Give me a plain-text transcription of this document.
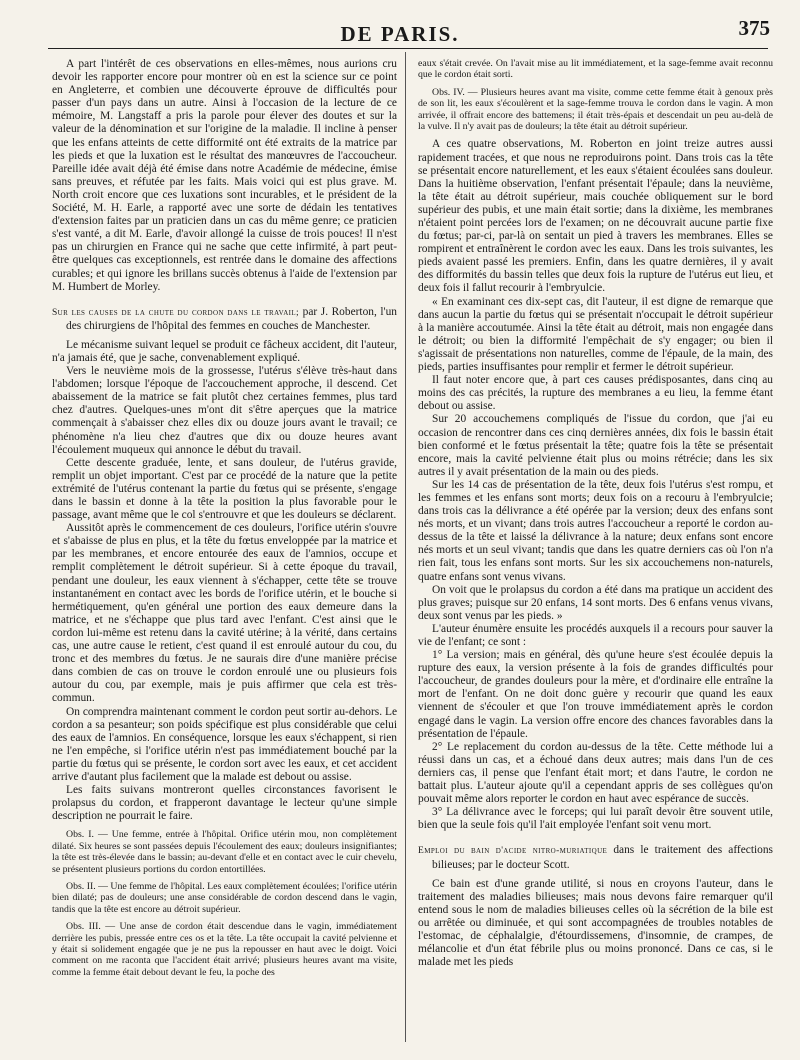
DE PARIS.	375

A part l'intérêt de ces observations en elles-mêmes, nous aurions cru devoir les rapporter encore pour montrer où en est la science sur ce point en Angleterre, et combien une découverte éprouve de difficultés pour passer d'un pays dans un autre. Ainsi à l'occasion de la lecture de ce mémoire, M. Langstaff a pris la parole pour élever des doutes et sur la valeur de la dénomination et sur l'origine de la maladie. Il incline à penser que les enfans atteints de cette difformité ont été extraits de la matrice par les pieds et que la luxation est le résultat des manœuvres de l'accoucheur. Pareille idée avait déjà été émise dans notre Académie de médecine, émise sans preuves, et réfutée par les faits. Mais voici qui est plus grave. M. North croit encore que ces luxations sont incurables, et le président de la Société, M. H. Earle, a rapporté avec une sorte de dédain les tentatives d'extension faites par un praticien dans un cas du même genre; ce praticien s'est vanté, a dit M. Earle, d'avoir allongé la cuisse de trois pouces! Il n'est pas un chirurgien en France qui ne sache que cette infirmité, à part peut-être quelques cas exceptionnels, est rentrée dans le domaine des affections curables; et qui ignore les brillans succès obtenus à l'aide de l'extension par M. Humbert de Morley.

Sur les causes de la chute du cordon dans le travail; par J. Roberton, l'un des chirurgiens de l'hôpital des femmes en couches de Manchester.

Le mécanisme suivant lequel se produit ce fâcheux accident, dit l'auteur, n'a jamais été, que je sache, convenablement expliqué.

Vers le neuvième mois de la grossesse, l'utérus s'élève très-haut dans l'abdomen; lorsque l'époque de l'accouchement approche, il descend. Cet abaissement de la matrice se fait plutôt chez certaines femmes, plus tard chez d'autres. Quelques-unes m'ont dit s'être aperçues que la matrice commençait à s'abaisser chez elles dix ou douze jours avant le travail; ce phénomène n'a lieu chez d'autres que dix ou douze heures avant l'écoulement muqueux qui annonce le début du travail.

Cette descente graduée, lente, et sans douleur, de l'utérus gravide, remplit un objet important. C'est par ce procédé de la nature que la petite extrémité de l'utérus contenant la partie du fœtus qui se présente, s'engage dans le bassin et donne à la tête la position la plus favorable pour le passage, avant même que le col s'entrouvre et que les douleurs se déclarent.

Aussitôt après le commencement de ces douleurs, l'orifice utérin s'ouvre et s'abaisse de plus en plus, et la tête du fœtus enveloppée par la matrice et par les membranes, et encore entourée des eaux de l'amnios, occupe et remplit complètement le détroit supérieur. Si à cette époque du travail, pendant une douleur, les eaux viennent à s'échapper, cette tête se trouve instantanément en contact avec les bords de l'orifice utérin, et le bouche si hermétiquement, qu'en général une portion des eaux demeure dans la matrice, et ne s'échappe que plus tard avec l'enfant. C'est ainsi que le cordon lui-même est retenu dans la cavité utérine; à la vérité, dans certains cas, une autre cause le retient, c'est quand il est enroulé autour du cou, du tronc et des membres du fœtus. Je ne saurais dire d'une manière précise dans combien de cas on trouve le cordon enroulé une ou plusieurs fois autour du cou, par exemple, mais je puis affirmer que cela est très-commun.

On comprendra maintenant comment le cordon peut sortir au-dehors. Le cordon a sa pesanteur; son poids spécifique est plus considérable que celui des eaux de l'amnios. En conséquence, lorsque les eaux s'échappent, si rien ne l'en empêche, si l'orifice utérin n'est pas immédiatement bouché par la partie du fœtus qui se présente, le cordon sort avec les eaux, et cet accident arrive d'autant plus facilement que la malade est debout ou assise.

Les faits suivans montreront quelles circonstances favorisent le prolapsus du cordon, et frapperont davantage le lecteur qu'une simple description ne pourrait le faire.

Obs. I. — Une femme, entrée à l'hôpital. Orifice utérin mou, non complètement dilaté. Six heures se sont passées depuis l'écoulement des eaux; douleurs insignifiantes; la tête est très-élevée dans le bassin; au-devant d'elle et en contact avec le cuir chevelu, se présentent plusieurs portions du cordon entortillées.

Obs. II. — Une femme de l'hôpital. Les eaux complètement écoulées; l'orifice utérin bien dilaté; pas de douleurs; une anse considérable de cordon descend dans le vagin, tandis que la tête est encore au détroit supérieur.

Obs. III. — Une anse de cordon était descendue dans le vagin, immédiatement derrière les pubis, pressée entre ces os et la tête. La tête occupait la cavité pelvienne et y était si solidement engagée que je ne pus la repousser en haut avec le doigt. Voici comment on me raconta que l'accident était arrivé; plusieurs heures avant ma visite, comme la femme était debout devant le feu, la poche des

eaux s'était crevée. On l'avait mise au lit immédiatement, et la sage-femme avait reconnu que le cordon était sorti.

Obs. IV. — Plusieurs heures avant ma visite, comme cette femme était à genoux près de son lit, les eaux s'écoulèrent et la sage-femme trouva le cordon dans le vagin. A mon arrivée, il offrait encore des battemens; il était très-épais et descendait un peu au-delà de la vulve. Il n'y avait pas de douleurs; la tête était au détroit supérieur.

A ces quatre observations, M. Roberton en joint treize autres aussi rapidement tracées, et que nous ne reproduirons point. Dans trois cas la tête se présentait encore naturellement, et les eaux s'étaient écoulées sans douleur. Dans la huitième observation, l'enfant présentait l'épaule; dans la neuvième, la tête était au détroit supérieur, mais couchée obliquement sur le bord supérieur des pubis, et une main était sortie; dans la dixième, les membranes n'étaient point percées lors de l'examen; on ne découvrait aucune partie fixe du fœtus; par-ci, par-là on sentait un pied à travers les membranes. Elles se rompirent et entraînèrent le cordon avec les eaux. Dans les trois suivantes, les pieds avaient passé les premiers. Enfin, dans les quatre dernières, il y avait des difformités du bassin telles que deux fois la rupture de l'utérus eut lieu, et deux fois il fallut recourir à l'embryulcie.

« En examinant ces dix-sept cas, dit l'auteur, il est digne de remarque que dans aucun la partie du fœtus qui se présentait n'occupait le détroit supérieur à la manière accoutumée. Ainsi la tête était au détroit, mais non engagée dans le détroit; ou bien la difformité l'empêchait de s'y engager; ou bien il s'agissait de présentations non naturelles, comme de l'épaule, de la main, des pieds, parties insuffisantes pour remplir et fermer le détroit supérieur.

Il faut noter encore que, à part ces causes prédisposantes, dans cinq au moins des cas précités, la rupture des membranes a eu lieu, la femme étant debout ou assise.

Sur 20 accouchemens compliqués de l'issue du cordon, que j'ai eu occasion de rencontrer dans ces cinq dernières années, dix fois le bassin était bien conformé et le fœtus présentait la tête; quatre fois la tête se présentait encore, mais la cavité pelvienne était plus ou moins rétrécie; dans les six autres il y avait présentation de la main ou des pieds.

Sur les 14 cas de présentation de la tête, deux fois l'utérus s'est rompu, et les femmes et les enfans sont morts; deux fois on a recouru à l'embryulcie; dans trois cas la délivrance a été opérée par la version; deux des enfans sont nés morts, et un vivant; dans trois autres l'accoucheur a reporté le cordon au-dessus de la tête et laissé la délivrance à la nature; deux enfans sont encore nés morts et un seul vivant; tandis que dans les quatre derniers cas où l'on n'a rien fait, tous les enfans sont morts. Sur les six accouchemens non-naturels, quatre enfans sont venus vivans.

On voit que le prolapsus du cordon a été dans ma pratique un accident des plus graves; puisque sur 20 enfans, 14 sont morts. Des 6 enfans venus vivans, deux sont venus par les pieds. »

L'auteur énumère ensuite les procédés auxquels il a recours pour sauver la vie de l'enfant; ce sont :

1° La version; mais en général, dès qu'une heure s'est écoulée depuis la rupture des eaux, la version présente à la fois de grandes difficultés pour l'accoucheur, de grandes douleurs pour la mère, et d'ordinaire elle entraîne la mort de l'enfant. On ne doit donc guère y recourir que quand les eaux viennent de s'écouler et que l'on trouve immédiatement après le cordon engagé dans le vagin. La version offre encore des chances favorables dans la présentation de l'épaule.

2° Le replacement du cordon au-dessus de la tête. Cette méthode lui a réussi dans un cas, et a échoué dans deux autres; mais dans l'un de ces derniers cas, il pense que l'enfant était mort; et dans l'autre, le cordon ne battait plus. L'auteur ajoute qu'il a cependant appris de ses collègues qu'on pouvait même alors reporter le cordon en haut avec espérance de succès.

3° La délivrance avec le forceps; qui lui paraît devoir être souvent utile, bien que la seule fois qu'il l'ait employée l'enfant soit venu mort.

Emploi du bain d'acide nitro-muriatique dans le traitement des affections bilieuses; par le docteur Scott.

Ce bain est d'une grande utilité, si nous en croyons l'auteur, dans le traitement des maladies bilieuses; mais nous devons faire remarquer qu'il entend sous le nom de maladies bilieuses celles où la sécrétion de la bile est ou arrêtée ou diminuée, et qui sont accompagnées de troubles notables de l'estomac, de céphalalgie, d'étourdissemens, d'insomnie, de crampes, de mélancolie et d'un état fébrile plus ou moins prononcé. Dans ce cas, si le malade met les pieds
